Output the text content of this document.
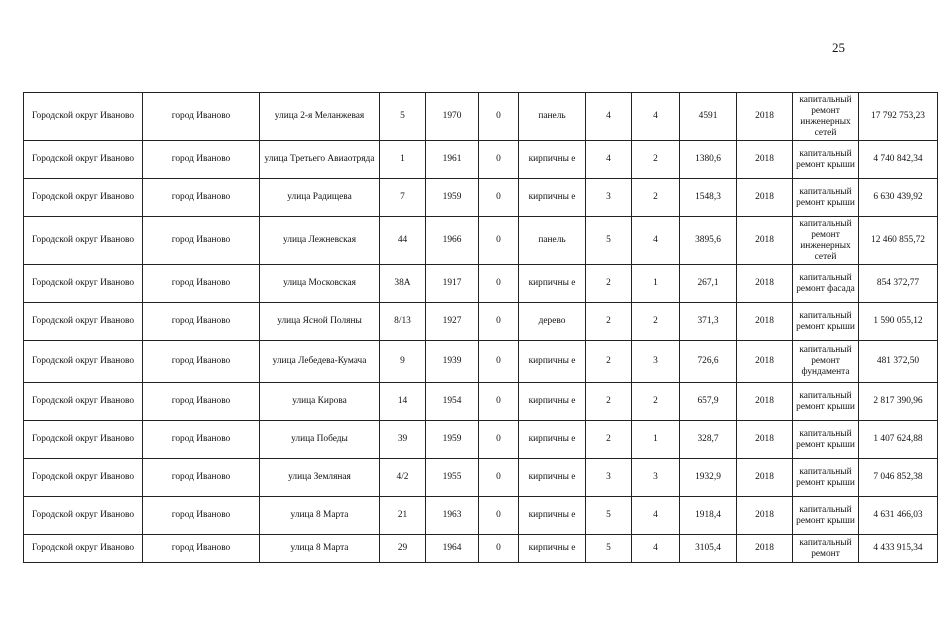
25
Городской округ Иваново	город Иваново	улица 2-я Меланжевая	5	1970	0	панель	4	4	4591	2018	капитальный ремонт инженерных сетей	17 792 753,23
Городской округ Иваново	город Иваново	улица Третьего Авиаотряда	1	1961	0	кирпичны е	4	2	1380,6	2018	капитальный ремонт крыши	4 740 842,34
Городской округ Иваново	город Иваново	улица Радищева	7	1959	0	кирпичны е	3	2	1548,3	2018	капитальный ремонт крыши	6 630 439,92
Городской округ Иваново	город Иваново	улица Лежневская	44	1966	0	панель	5	4	3895,6	2018	капитальный ремонт инженерных сетей	12 460 855,72
Городской округ Иваново	город Иваново	улица Московская	38А	1917	0	кирпичны е	2	1	267,1	2018	капитальный ремонт фасада	854 372,77
Городской округ Иваново	город Иваново	улица Ясной Поляны	8/13	1927	0	дерево	2	2	371,3	2018	капитальный ремонт крыши	1 590 055,12
Городской округ Иваново	город Иваново	улица Лебедева-Кумача	9	1939	0	кирпичны е	2	3	726,6	2018	капитальный ремонт фундамента	481 372,50
Городской округ Иваново	город Иваново	улица Кирова	14	1954	0	кирпичны е	2	2	657,9	2018	капитальный ремонт крыши	2 817 390,96
Городской округ Иваново	город Иваново	улица Победы	39	1959	0	кирпичны е	2	1	328,7	2018	капитальный ремонт крыши	1 407 624,88
Городской округ Иваново	город Иваново	улица Земляная	4/2	1955	0	кирпичны е	3	3	1932,9	2018	капитальный ремонт крыши	7 046 852,38
Городской округ Иваново	город Иваново	улица 8 Марта	21	1963	0	кирпичны е	5	4	1918,4	2018	капитальный ремонт крыши	4 631 466,03
Городской округ Иваново	город Иваново	улица 8 Марта	29	1964	0	кирпичны е	5	4	3105,4	2018	капитальный ремонт	4 433 915,34
